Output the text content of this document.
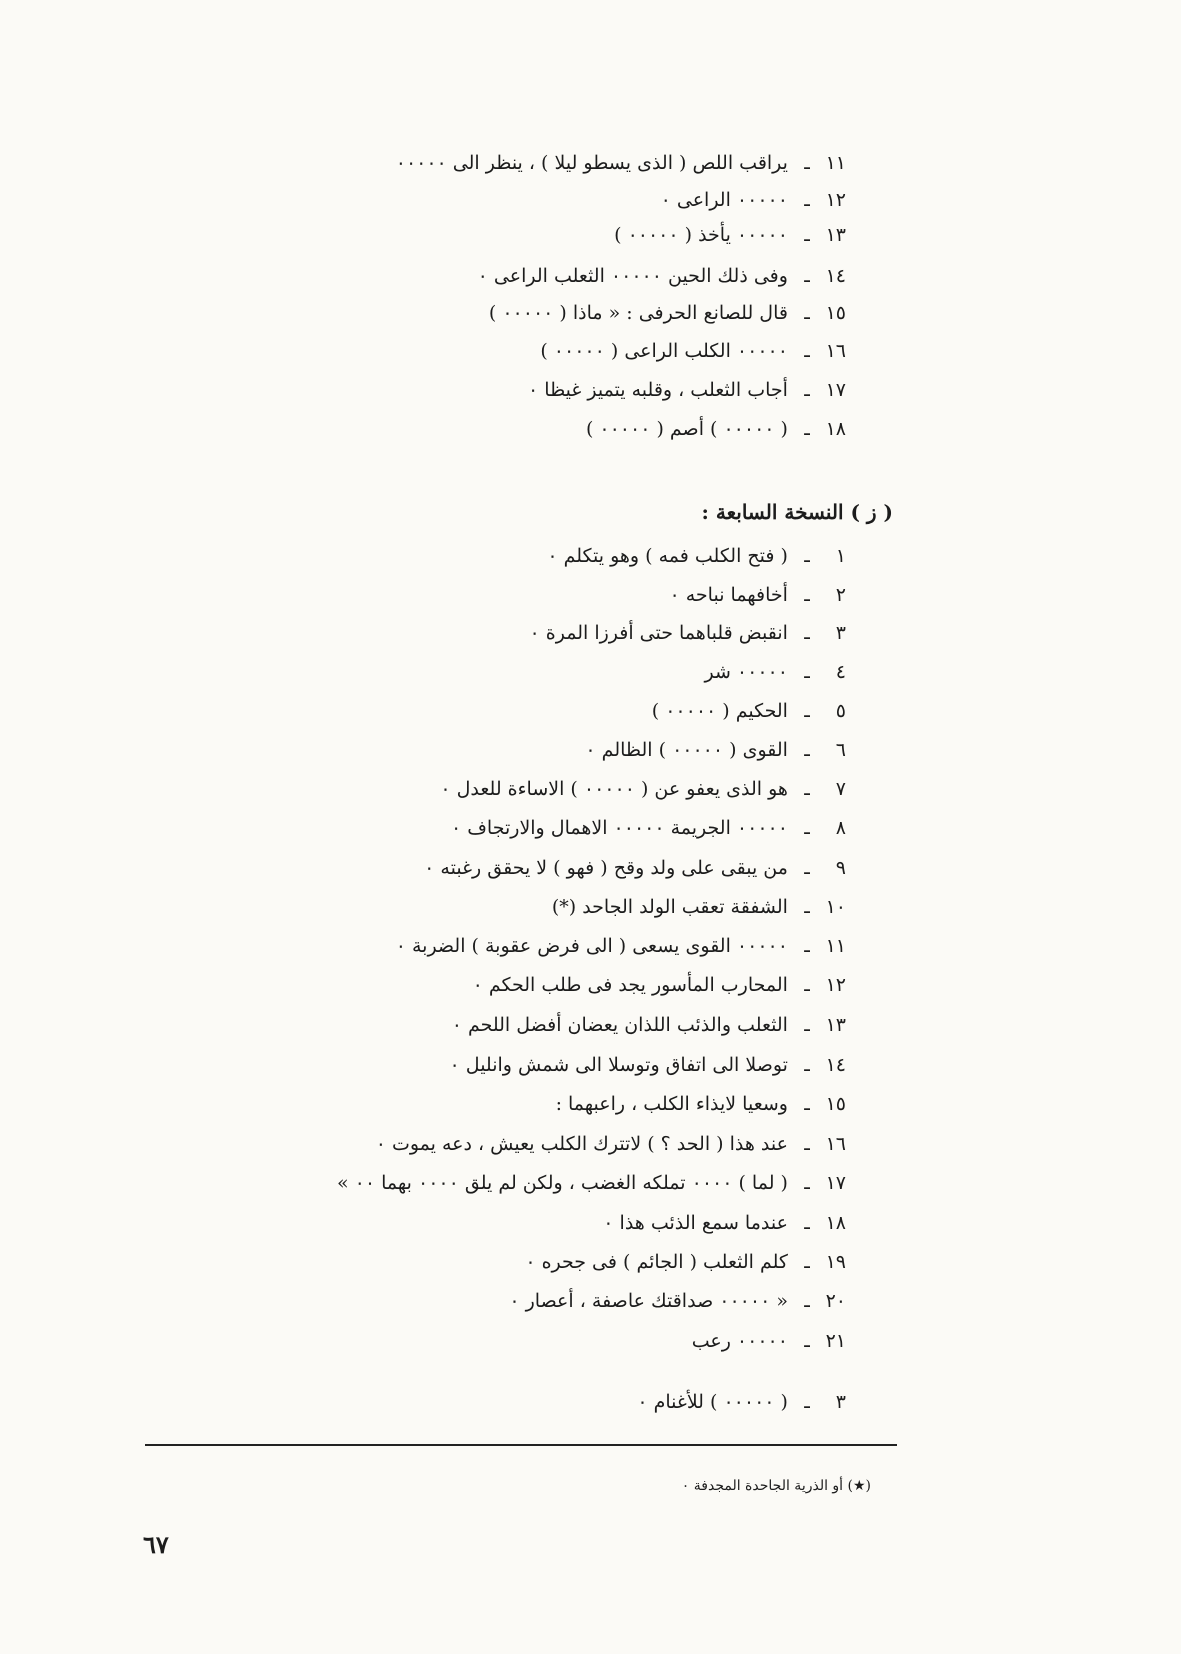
١١ـ يراقب اللص ( الذى يسطو ليلا ) ، ينظر الى ٠٠٠٠٠
١٢ـ ٠٠٠٠٠ الراعى ٠
١٣ـ ٠٠٠٠٠ يأخذ ( ٠٠٠٠٠ )
١٤ـ وفى ذلك الحين ٠٠٠٠٠ الثعلب الراعى ٠
١٥ـ قال للصانع الحرفى : « ماذا ( ٠٠٠٠٠ )
١٦ـ ٠٠٠٠٠ الكلب الراعى ( ٠٠٠٠٠ )
١٧ـ أجاب الثعلب ، وقلبه يتميز غيظا ٠
١٨ـ ( ٠٠٠٠٠ ) أصم ( ٠٠٠٠٠ )
( ز ) النسخة السابعة :
١ـ ( فتح الكلب فمه ) وهو يتكلم ٠
٢ـ أخافهما نباحه ٠
٣ـ انقبض قلباهما حتى أفرزا المرة ٠
٤ـ ٠٠٠٠٠ شر
٥ـ الحكيم ( ٠٠٠٠٠ )
٦ـ القوى ( ٠٠٠٠٠ ) الظالم ٠
٧ـ هو الذى يعفو عن ( ٠٠٠٠٠ ) الاساءة للعدل ٠
٨ـ ٠٠٠٠٠ الجريمة ٠٠٠٠٠ الاهمال والارتجاف ٠
٩ـ من يبقى على ولد وقح ( فهو ) لا يحقق رغبته ٠
١٠ـ الشفقة تعقب الولد الجاحد (*)
١١ـ ٠٠٠٠٠ القوى يسعى ( الى فرض عقوبة ) الضربة ٠
١٢ـ المحارب المأسور يجد فى طلب الحكم ٠
١٣ـ الثعلب والذئب اللذان يعضان أفضل اللحم ٠
١٤ـ توصلا الى اتفاق وتوسلا الى شمش وانليل ٠
١٥ـ وسعيا لايذاء الكلب ، راعبهما :
١٦ـ عند هذا ( الحد ؟ ) لاتترك الكلب يعيش ، دعه يموت ٠
١٧ـ ( لما ) ٠٠٠٠ تملكه الغضب ، ولكن لم يلق ٠٠٠٠ بهما ٠٠ »
١٨ـ عندما سمع الذئب هذا ٠
١٩ـ كلم الثعلب ( الجائم ) فى جحره ٠
٢٠ـ « ٠٠٠٠٠ صداقتك عاصفة ، أعصار ٠
٢١ـ ٠٠٠٠٠ رعب
٣ـ ( ٠٠٠٠٠ ) للأغنام ٠
(★) أو الذرية الجاحدة المجدفة ٠
٦٧
